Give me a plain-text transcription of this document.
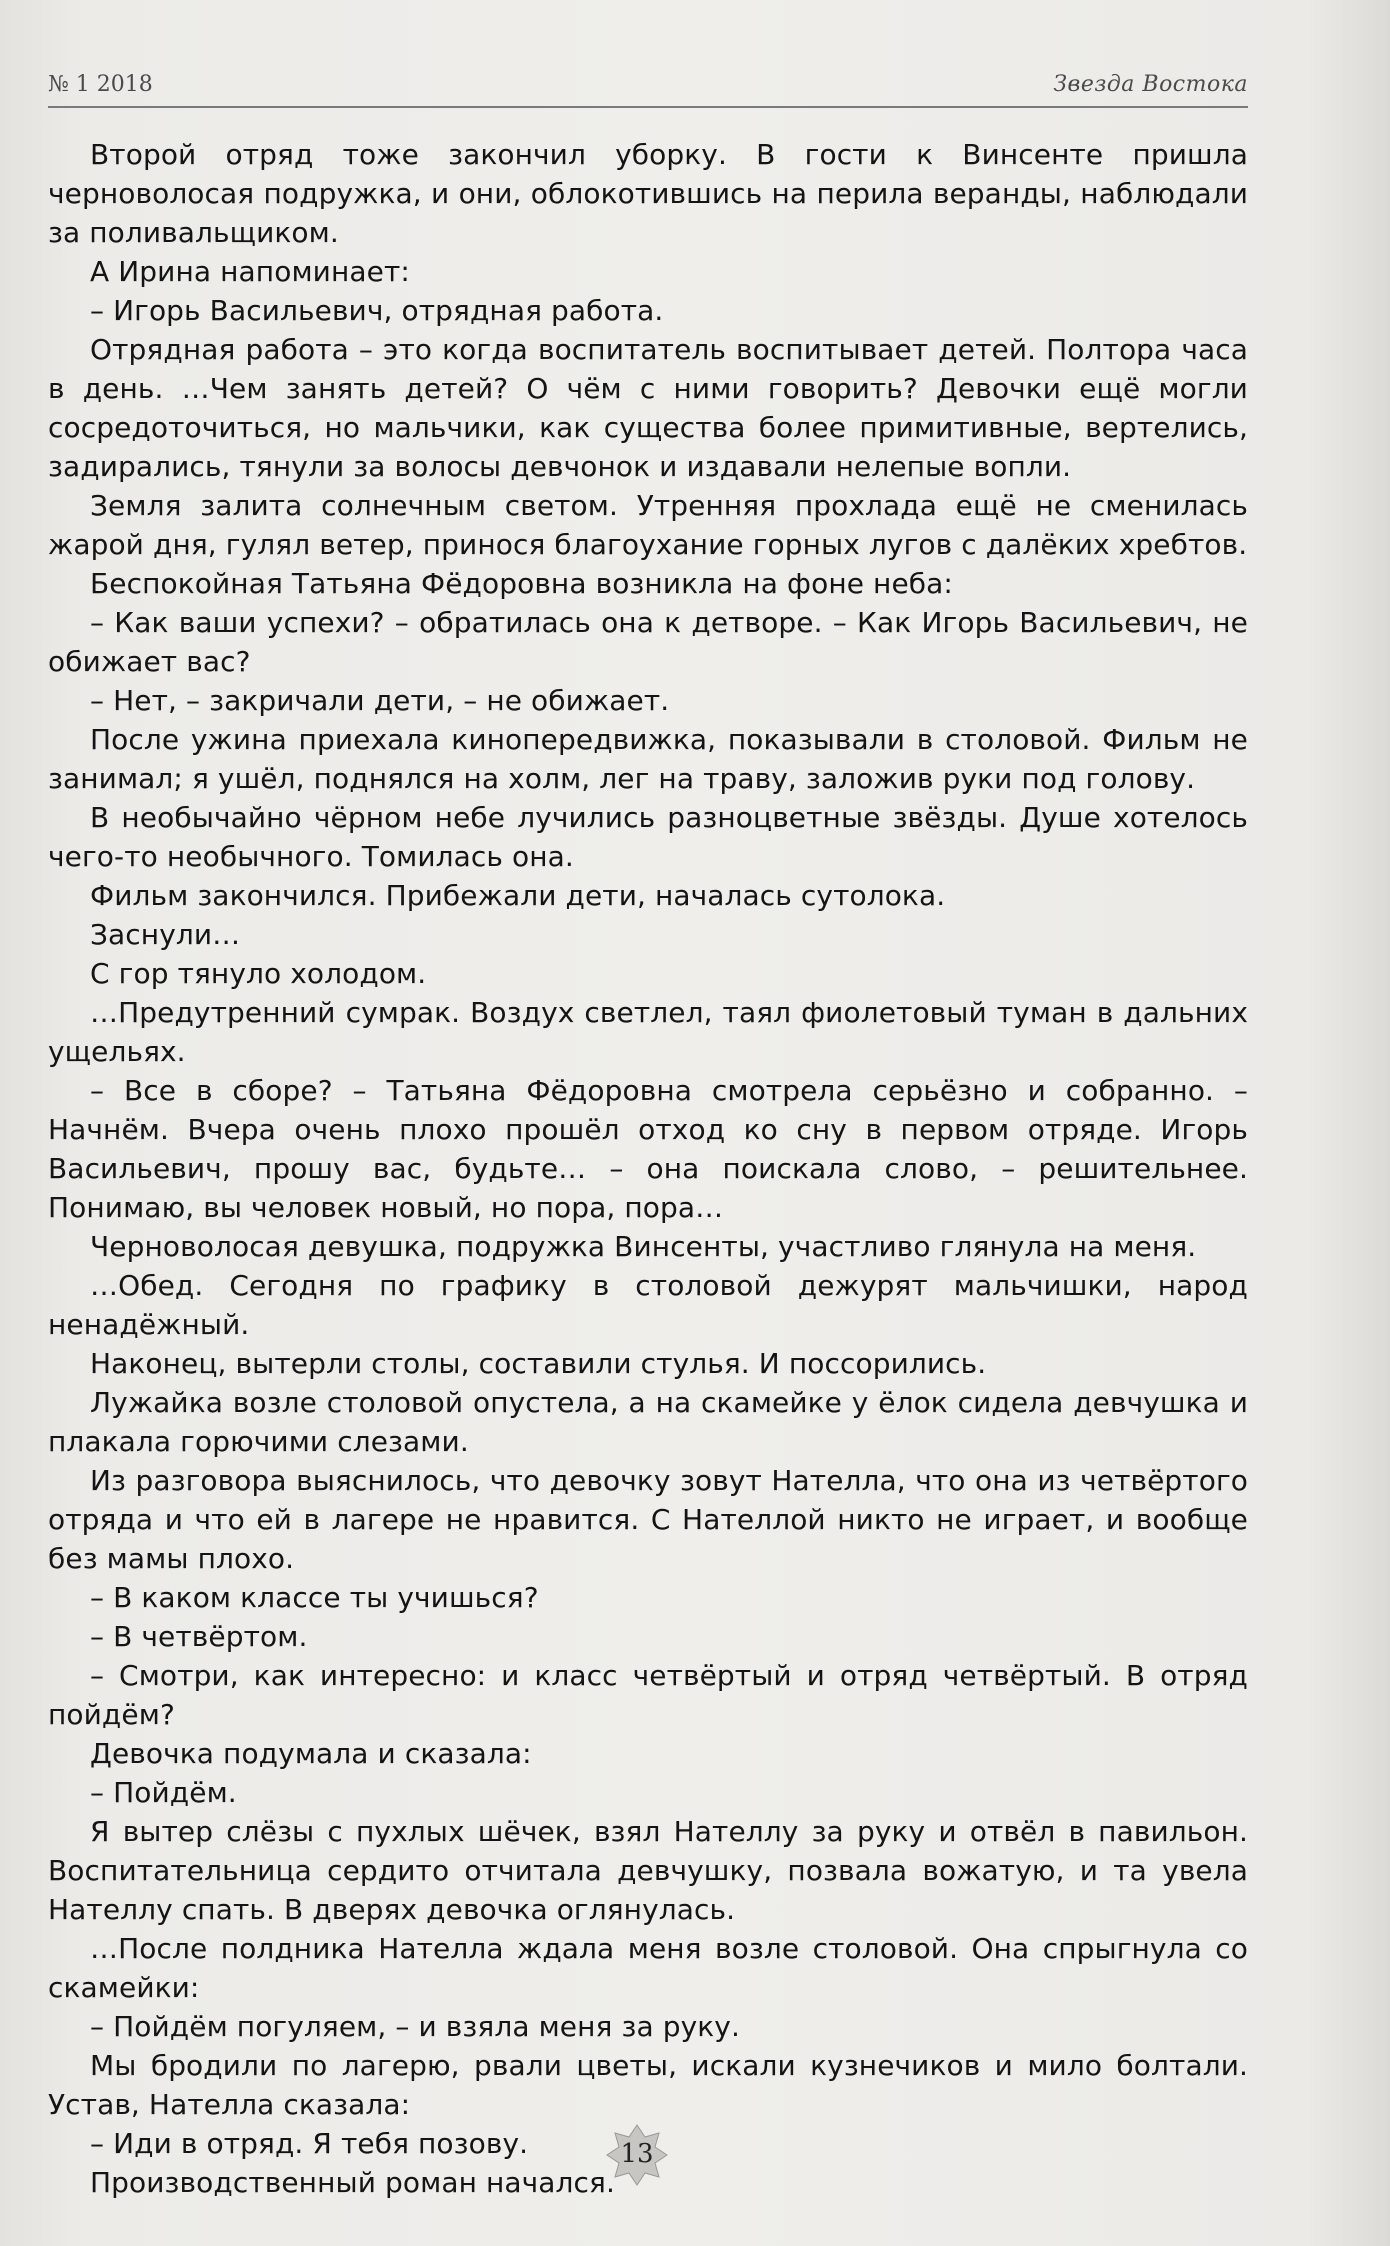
№ 1 2018	Звезда Востока

Второй отряд тоже закончил уборку. В гости к Винсенте пришла черноволосая подружка, и они, облокотившись на перила веранды, наблюдали за поливальщиком.

А Ирина напоминает:

– Игорь Васильевич, отрядная работа.

Отрядная работа – это когда воспитатель воспитывает детей. Полтора часа в день. …Чем занять детей? О чём с ними говорить? Девочки ещё могли сосредоточиться, но мальчики, как существа более примитивные, вертелись, задирались, тянули за волосы девчонок и издавали нелепые вопли.

Земля залита солнечным светом. Утренняя прохлада ещё не сменилась жарой дня, гулял ветер, принося благоухание горных лугов с далёких хребтов.

Беспокойная Татьяна Фёдоровна возникла на фоне неба:

– Как ваши успехи? – обратилась она к детворе. – Как Игорь Васильевич, не обижает вас?

– Нет, – закричали дети, – не обижает.

После ужина приехала кинопередвижка, показывали в столовой. Фильм не занимал; я ушёл, поднялся на холм, лег на траву, заложив руки под голову.

В необычайно чёрном небе лучились разноцветные звёзды. Душе хотелось чего-то необычного. Томилась она.

Фильм закончился. Прибежали дети, началась сутолока.

Заснули…

С гор тянуло холодом.

…Предутренний сумрак. Воздух светлел, таял фиолетовый туман в дальних ущельях.

– Все в сборе? – Татьяна Фёдоровна смотрела серьёзно и собранно. – Начнём. Вчера очень плохо прошёл отход ко сну в первом отряде. Игорь Васильевич, прошу вас, будьте… – она поискала слово, – решительнее. Понимаю, вы человек новый, но пора, пора…

Черноволосая девушка, подружка Винсенты, участливо глянула на меня.

…Обед. Сегодня по графику в столовой дежурят мальчишки, народ ненадёжный.

Наконец, вытерли столы, составили стулья. И поссорились.

Лужайка возле столовой опустела, а на скамейке у ёлок сидела девчушка и плакала горючими слезами.

Из разговора выяснилось, что девочку зовут Нателла, что она из четвёртого отряда и что ей в лагере не нравится. С Нателлой никто не играет, и вообще без мамы плохо.

– В каком классе ты учишься?

– В четвёртом.

– Смотри, как интересно: и класс четвёртый и отряд четвёртый. В отряд пойдём?

Девочка подумала и сказала:

– Пойдём.

Я вытер слёзы с пухлых шёчек, взял Нателлу за руку и отвёл в павильон. Воспитательница сердито отчитала девчушку, позвала вожатую, и та увела Нателлу спать. В дверях девочка оглянулась.

…После полдника Нателла ждала меня возле столовой. Она спрыгнула со скамейки:

– Пойдём погуляем, – и взяла меня за руку.

Мы бродили по лагерю, рвали цветы, искали кузнечиков и мило болтали. Устав, Нателла сказала:

– Иди в отряд. Я тебя позову.

Производственный роман начался.

13
